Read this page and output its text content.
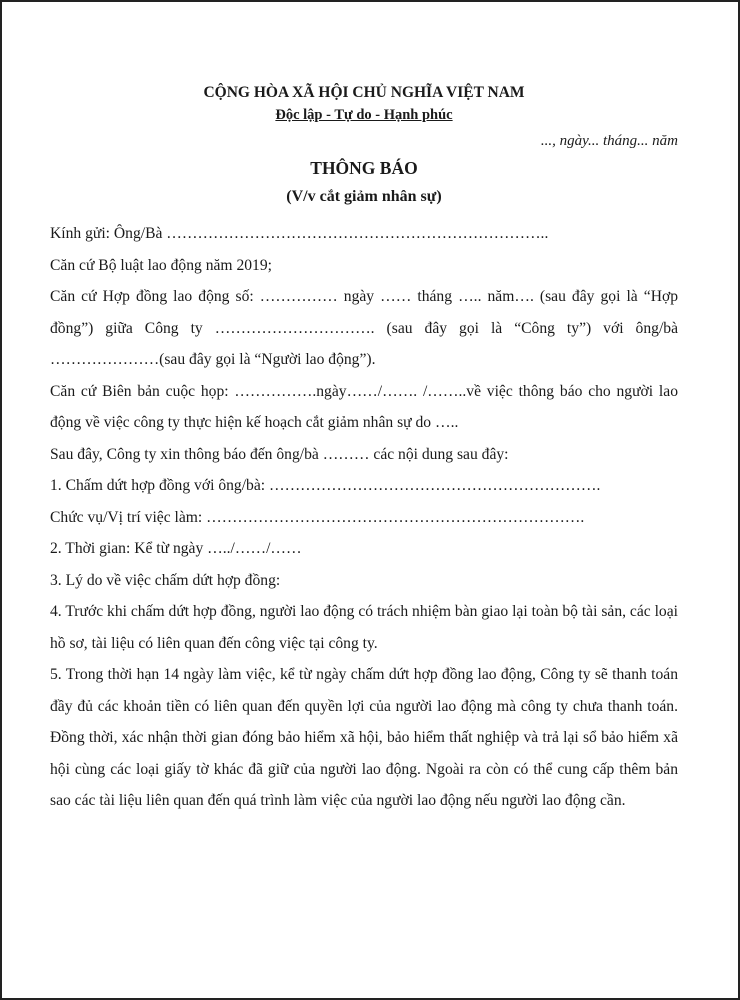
CỘNG HÒA XÃ HỘI CHỦ NGHĨA VIỆT NAM

Độc lập - Tự do - Hạnh phúc

..., ngày... tháng... năm

THÔNG BÁO

(V/v cắt giảm nhân sự)

Kính gửi: Ông/Bà ………………………………………………………………..

Căn cứ Bộ luật lao động năm 2019;

Căn cứ Hợp đồng lao động số: …………… ngày …… tháng ….. năm…. (sau đây gọi là “Hợp đồng”) giữa Công ty …………………………. (sau đây gọi là “Công ty”) với ông/bà …………………(sau đây gọi là “Người lao động”).

Căn cứ Biên bản cuộc họp: …………….ngày……/……. /……..về việc thông báo cho người lao động về việc công ty thực hiện kế hoạch cắt giảm nhân sự do …..

Sau đây, Công ty xin thông báo đến ông/bà ……… các nội dung sau đây:

1. Chấm dứt hợp đồng với ông/bà: ……………………………………………………….

Chức vụ/Vị trí việc làm: ……………………………………………………………….

2. Thời gian: Kể từ ngày …../……/……

3. Lý do về việc chấm dứt hợp đồng:

4. Trước khi chấm dứt hợp đồng, người lao động có trách nhiệm bàn giao lại toàn bộ tài sản, các loại hồ sơ, tài liệu có liên quan đến công việc tại công ty.

5. Trong thời hạn 14 ngày làm việc, kể từ ngày chấm dứt hợp đồng lao động, Công ty sẽ thanh toán đầy đủ các khoản tiền có liên quan đến quyền lợi của người lao động mà công ty chưa thanh toán. Đồng thời, xác nhận thời gian đóng bảo hiểm xã hội, bảo hiểm thất nghiệp và trả lại sổ bảo hiểm xã hội cùng các loại giấy tờ khác đã giữ của người lao động. Ngoài ra còn có thể cung cấp thêm bản sao các tài liệu liên quan đến quá trình làm việc của người lao động nếu người lao động cần.
